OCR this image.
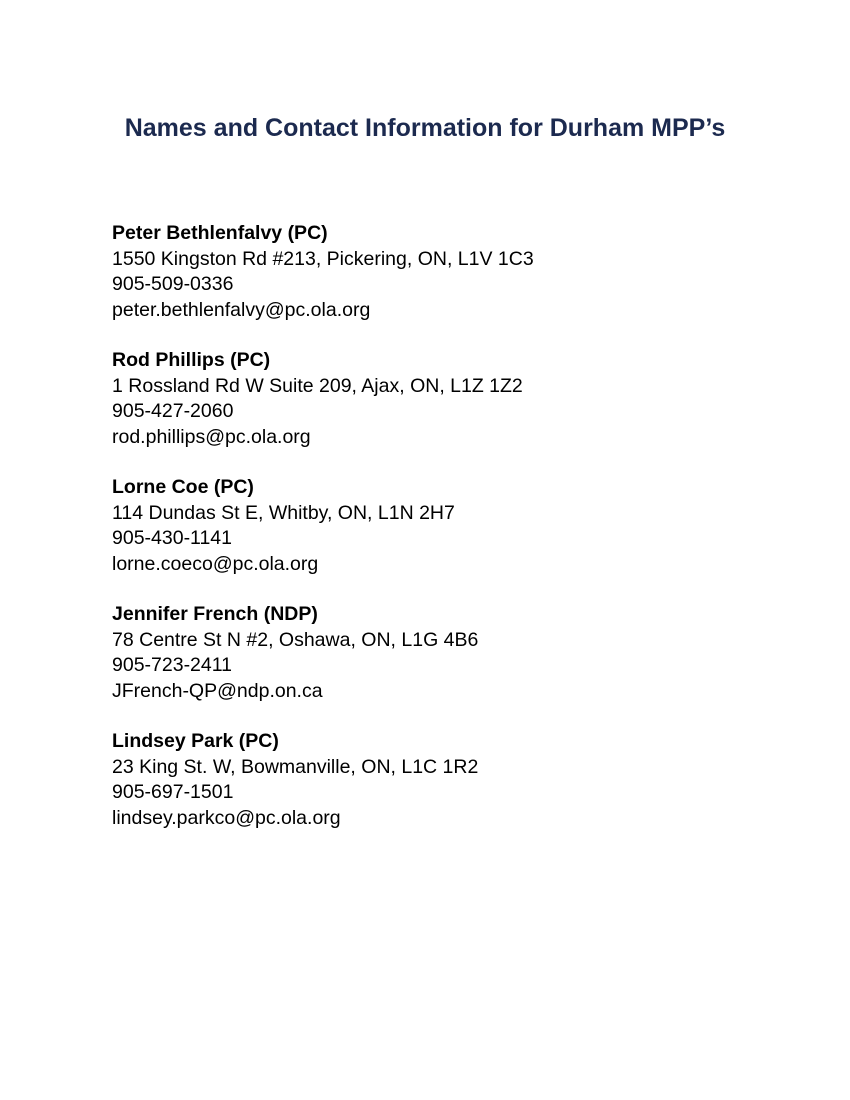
Names and Contact Information for Durham MPP’s
Peter Bethlenfalvy (PC)
1550 Kingston Rd #213, Pickering, ON, L1V 1C3
905-509-0336
peter.bethlenfalvy@pc.ola.org
Rod Phillips (PC)
1 Rossland Rd W Suite 209, Ajax, ON, L1Z 1Z2
905-427-2060
rod.phillips@pc.ola.org
Lorne Coe (PC)
114 Dundas St E, Whitby, ON, L1N 2H7
905-430-1141
lorne.coeco@pc.ola.org
Jennifer French (NDP)
78 Centre St N #2, Oshawa, ON, L1G 4B6
905-723-2411
JFrench-QP@ndp.on.ca
Lindsey Park (PC)
23 King St. W, Bowmanville, ON, L1C 1R2
905-697-1501
lindsey.parkco@pc.ola.org
